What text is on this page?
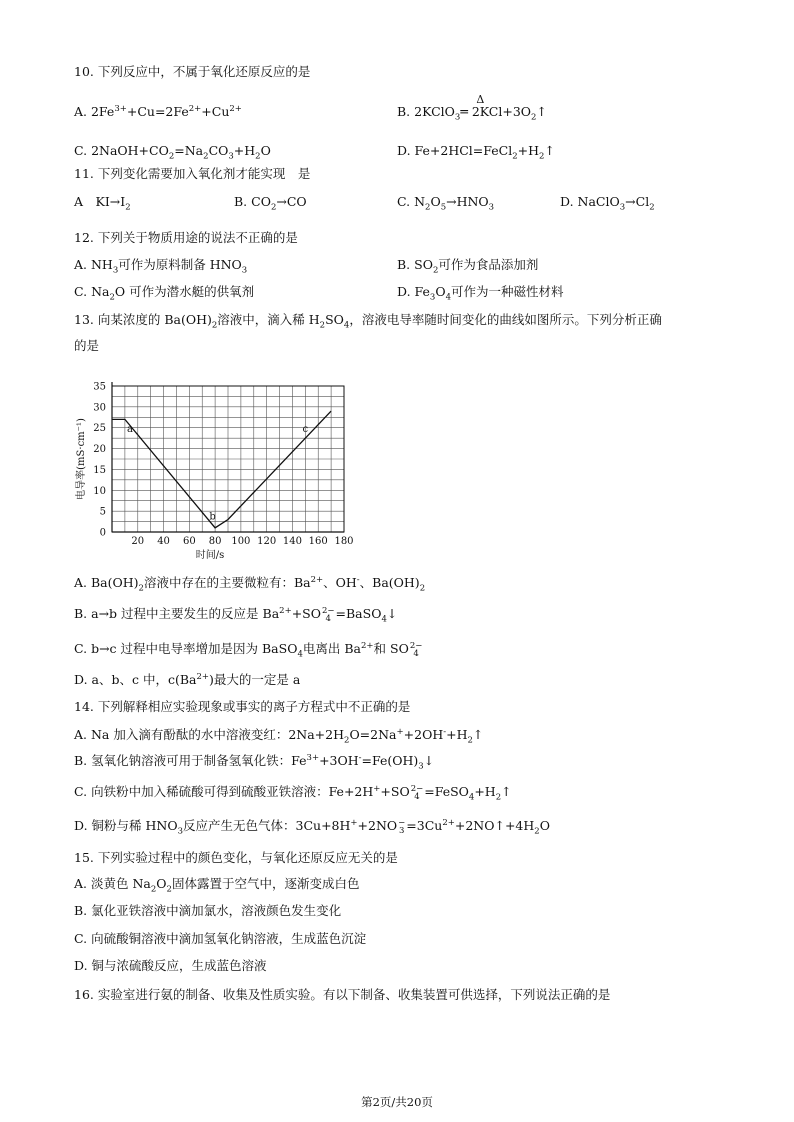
10. 下列反应中，不属于氧化还原反应的是
A. $2Fe^{3+}+Cu=2Fe^{2+}+Cu^{2+}$	B. 2KClO$_3$
Δ
═ $2KCl+3O_2↑$
C. $2NaOH+CO_2=Na_2CO_3+H_2O$	D. $Fe+2HCl=FeCl_2+H_2↑$
11. 下列变化需要加入氧化剂才能实现　是
A　$KI\to I_2$	B. $CO_2\to CO$	C. $N_2O_5\to HNO_3$	D. $NaClO_3\to Cl_2$
12. 下列关于物质用途的说法不正确的是
A. $NH_3$可作为原料制备 $HNO_3$	B. $SO_2$可作为食品添加剂
C. $Na_2O$ 可作为潜水艇的供氧剂	D. $Fe_3O_4$可作为一种磁性材料
13. 向某浓度的 $Ba(OH)_2$溶液中，滴入稀 $H_2SO_4$，溶液电导率随时间变化的曲线如图所示。下列分析正确
的是
20 40 60 80 100 120 140 160 180
0
5
10
15
20
25
30
35
a
b
c
时间/s
电导率(mS·cm⁻¹)
A. $Ba(OH)_2$溶液中存在的主要微粒有：$Ba^{2+}$、OH-、$Ba(OH)_2$
B. a→b 过程中主要发生的反应是 $Ba^{2+}+SO$ 2−
4 =BaSO$_4$↓
C. b→c 过程中电导率增加是因为 BaSO$_4$电离出 $Ba^{2+}$和 SO 2−
4
D. a、b、c 中，$c(Ba^{2+})$最大的一定是 a
14. 下列解释相应实验现象或事实的离子方程式中不正确的是
A. Na 加入滴有酚酞的水中溶液变红：$2Na+2H_2O=2Na^++2OH^-+H_2↑$
B. 氢氧化钠溶液可用于制备氢氧化铁：$Fe^{3+}+3OH^-=Fe(OH)_3↓$
C. 向铁粉中加入稀硫酸可得到硫酸亚铁溶液：Fe+2H++SO 2−
$4 =FeSO_4+H_2↑$
D. 铜粉与稀 $HNO_3$反应产生无色气体：3Cu+8H++2NO −
$3 =3Cu^{2+}+2NO↑+4H_2O$
15. 下列实验过程中的颜色变化，与氧化还原反应无关的是
A. 淡黄色 $Na_2O_2$固体露置于空气中，逐渐变成白色
B. 氯化亚铁溶液中滴加氯水，溶液颜色发生变化
C. 向硫酸铜溶液中滴加氢氧化钠溶液，生成蓝色沉淀
D. 铜与浓硫酸反应，生成蓝色溶液
16. 实验室进行氨的制备、收集及性质实验。有以下制备、收集装置可供选择，下列说法正确的是
第2页/共20页
